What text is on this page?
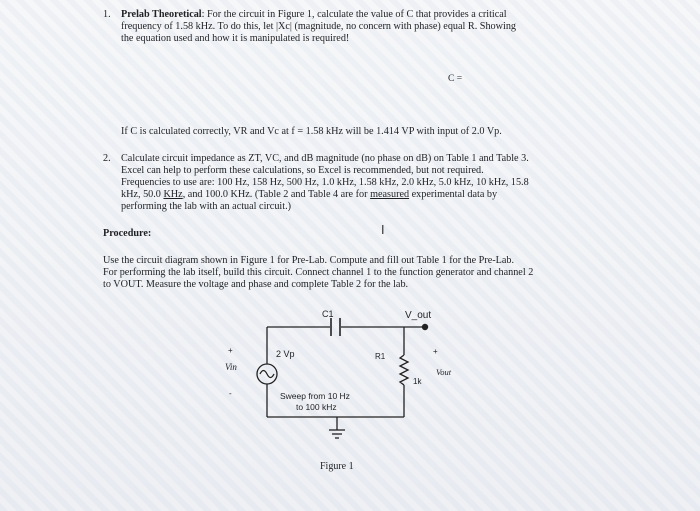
1. Prelab Theoretical: For the circuit in Figure 1, calculate the value of C that provides a critical
frequency of 1.58 kHz. To do this, let |Xc| (magnitude, no concern with phase) equal R. Showing
the equation used and how it is manipulated is required!
C =
If C is calculated correctly, VR and Vc at f = 1.58 kHz will be 1.414 VP with input of 2.0 Vp.
2. Calculate circuit impedance as ZT, VC, and dB magnitude (no phase on dB) on Table 1 and Table 3.
Excel can help to perform these calculations, so Excel is recommended, but not required.
Frequencies to use are: 100 Hz, 158 Hz, 500 Hz, 1.0 kHz, 1.58 kHz, 2.0 kHz, 5.0 kHz, 10 kHz, 15.8
kHz, 50.0 KHz, and 100.0 KHz. (Table 2 and Table 4 are for measured experimental data by
performing the lab with an actual circuit.)
Procedure:	I
Use the circuit diagram shown in Figure 1 for Pre-Lab. Compute and fill out Table 1 for the Pre-Lab.
For performing the lab itself, build this circuit. Connect channel 1 to the function generator and channel 2
to VOUT. Measure the voltage and phase and complete Table 2 for the lab.
C1	V_out
2 Vp	R1
1k
+
Vin
-
+
Vout
Sweep from 10 Hz
to 100 kHz
Figure 1
